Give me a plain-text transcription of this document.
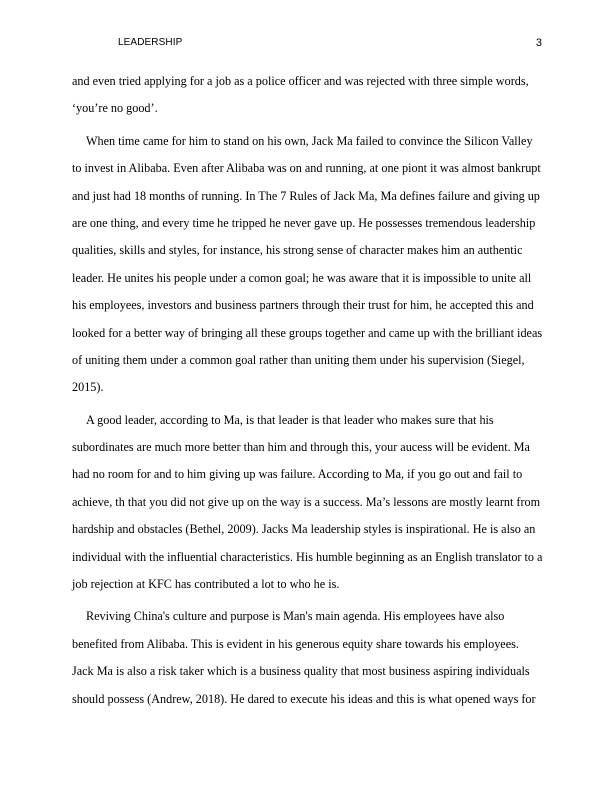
LEADERSHIP	3

and even tried applying for a job as a police officer and was rejected with three simple words,
‘you’re no good’.

When time came for him to stand on his own, Jack Ma failed to convince the Silicon Valley
to invest in Alibaba. Even after Alibaba was on and running, at one piont it was almost bankrupt
and just had 18 months of running. In The 7 Rules of Jack Ma, Ma defines failure and giving up
are one thing, and every time he tripped he never gave up. He possesses tremendous leadership
qualities, skills and styles, for instance, his strong sense of character makes him an authentic
leader. He unites his people under a comon goal; he was aware that it is impossible to unite all
his employees, investors and business partners through their trust for him, he accepted this and
looked for a better way of bringing all these groups together and came up with the brilliant ideas
of uniting them under a common goal rather than uniting them under his supervision (Siegel,
2015).

A good leader, according to Ma, is that leader is that leader who makes sure that his
subordinates are much more better than him and through this, your aucess will be evident. Ma
had no room for and to him giving up was failure. According to Ma, if you go out and fail to
achieve, th that you did not give up on the way is a success. Ma’s lessons are mostly learnt from
hardship and obstacles (Bethel, 2009). Jacks Ma leadership styles is inspirational. He is also an
individual with the influential characteristics. His humble beginning as an English translator to a
job rejection at KFC has contributed a lot to who he is.

Reviving China's culture and purpose is Man's main agenda. His employees have also
benefited from Alibaba. This is evident in his generous equity share towards his employees.
Jack Ma is also a risk taker which is a business quality that most business aspiring individuals
should possess (Andrew, 2018). He dared to execute his ideas and this is what opened ways for
